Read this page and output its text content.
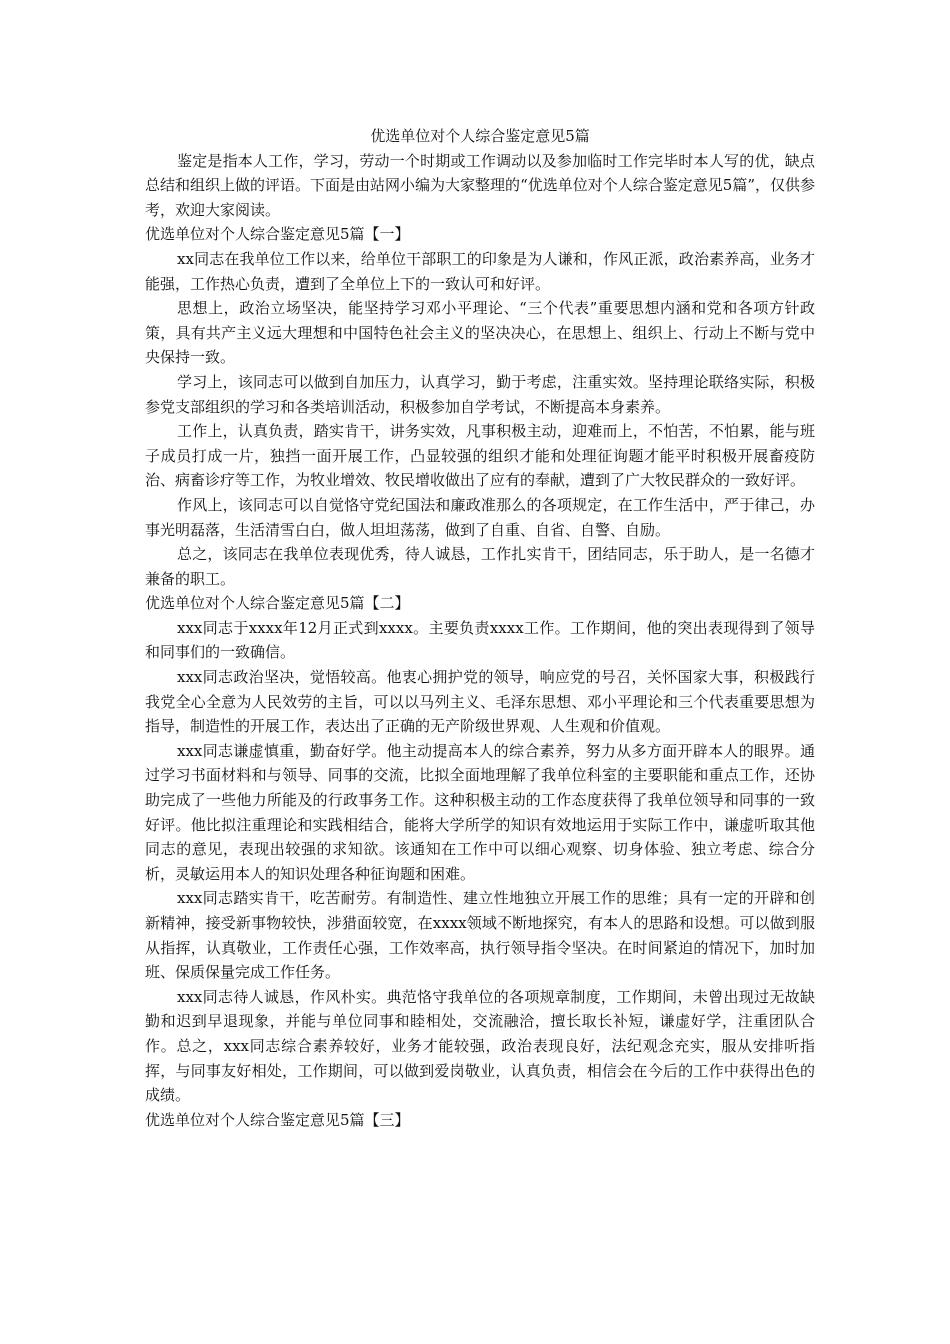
优选单位对个人综合鉴定意见5篇

鉴定是指本人工作，学习，劳动一个时期或工作调动以及参加临时工作完毕时本人写的优，缺点总结和组织上做的评语。下面是由站网小编为大家整理的“优选单位对个人综合鉴定意见5篇”，仅供参考，欢迎大家阅读。

优选单位对个人综合鉴定意见5篇【一】

xx同志在我单位工作以来，给单位干部职工的印象是为人谦和，作风正派，政治素养高，业务才能强，工作热心负责，遭到了全单位上下的一致认可和好评。

思想上，政治立场坚决，能坚持学习邓小平理论、“三个代表”重要思想内涵和党和各项方针政策，具有共产主义远大理想和中国特色社会主义的坚决决心，在思想上、组织上、行动上不断与党中央保持一致。

学习上，该同志可以做到自加压力，认真学习，勤于考虑，注重实效。坚持理论联络实际，积极参党支部组织的学习和各类培训活动，积极参加自学考试，不断提高本身素养。

工作上，认真负责，踏实肯干，讲务实效，凡事积极主动，迎难而上，不怕苦，不怕累，能与班子成员打成一片，独挡一面开展工作，凸显较强的组织才能和处理征询题才能平时积极开展畜疫防治、病畜诊疗等工作，为牧业增效、牧民增收做出了应有的奉献，遭到了广大牧民群众的一致好评。

作风上，该同志可以自觉恪守党纪国法和廉政准那么的各项规定，在工作生活中，严于律己，办事光明磊落，生活清雪白白，做人坦坦荡荡，做到了自重、自省、自警、自励。

总之，该同志在我单位表现优秀，待人诚恳，工作扎实肯干，团结同志，乐于助人，是一名德才兼备的职工。

优选单位对个人综合鉴定意见5篇【二】

xxx同志于xxxx年12月正式到xxxx。主要负责xxxx工作。工作期间，他的突出表现得到了领导和同事们的一致确信。

xxx同志政治坚决，觉悟较高。他衷心拥护党的领导，响应党的号召，关怀国家大事，积极践行我党全心全意为人民效劳的主旨，可以以马列主义、毛泽东思想、邓小平理论和三个代表重要思想为指导，制造性的开展工作，表达出了正确的无产阶级世界观、人生观和价值观。

xxx同志谦虚慎重，勤奋好学。他主动提高本人的综合素养，努力从多方面开辟本人的眼界。通过学习书面材料和与领导、同事的交流，比拟全面地理解了我单位科室的主要职能和重点工作，还协助完成了一些他力所能及的行政事务工作。这种积极主动的工作态度获得了我单位领导和同事的一致好评。他比拟注重理论和实践相结合，能将大学所学的知识有效地运用于实际工作中，谦虚听取其他同志的意见，表现出较强的求知欲。该通知在工作中可以细心观察、切身体验、独立考虑、综合分析，灵敏运用本人的知识处理各种征询题和困难。

xxx同志踏实肯干，吃苦耐劳。有制造性、建立性地独立开展工作的思维；具有一定的开辟和创新精神，接受新事物较快，涉猎面较宽，在xxxx领域不断地探究，有本人的思路和设想。可以做到服从指挥，认真敬业，工作责任心强，工作效率高，执行领导指令坚决。在时间紧迫的情况下，加时加班、保质保量完成工作任务。

xxx同志待人诚恳，作风朴实。典范恪守我单位的各项规章制度，工作期间，未曾出现过无故缺勤和迟到早退现象，并能与单位同事和睦相处，交流融洽，擅长取长补短，谦虚好学，注重团队合作。总之，xxx同志综合素养较好，业务才能较强，政治表现良好，法纪观念充实，服从安排听指挥，与同事友好相处，工作期间，可以做到爱岗敬业，认真负责，相信会在今后的工作中获得出色的成绩。

优选单位对个人综合鉴定意见5篇【三】
